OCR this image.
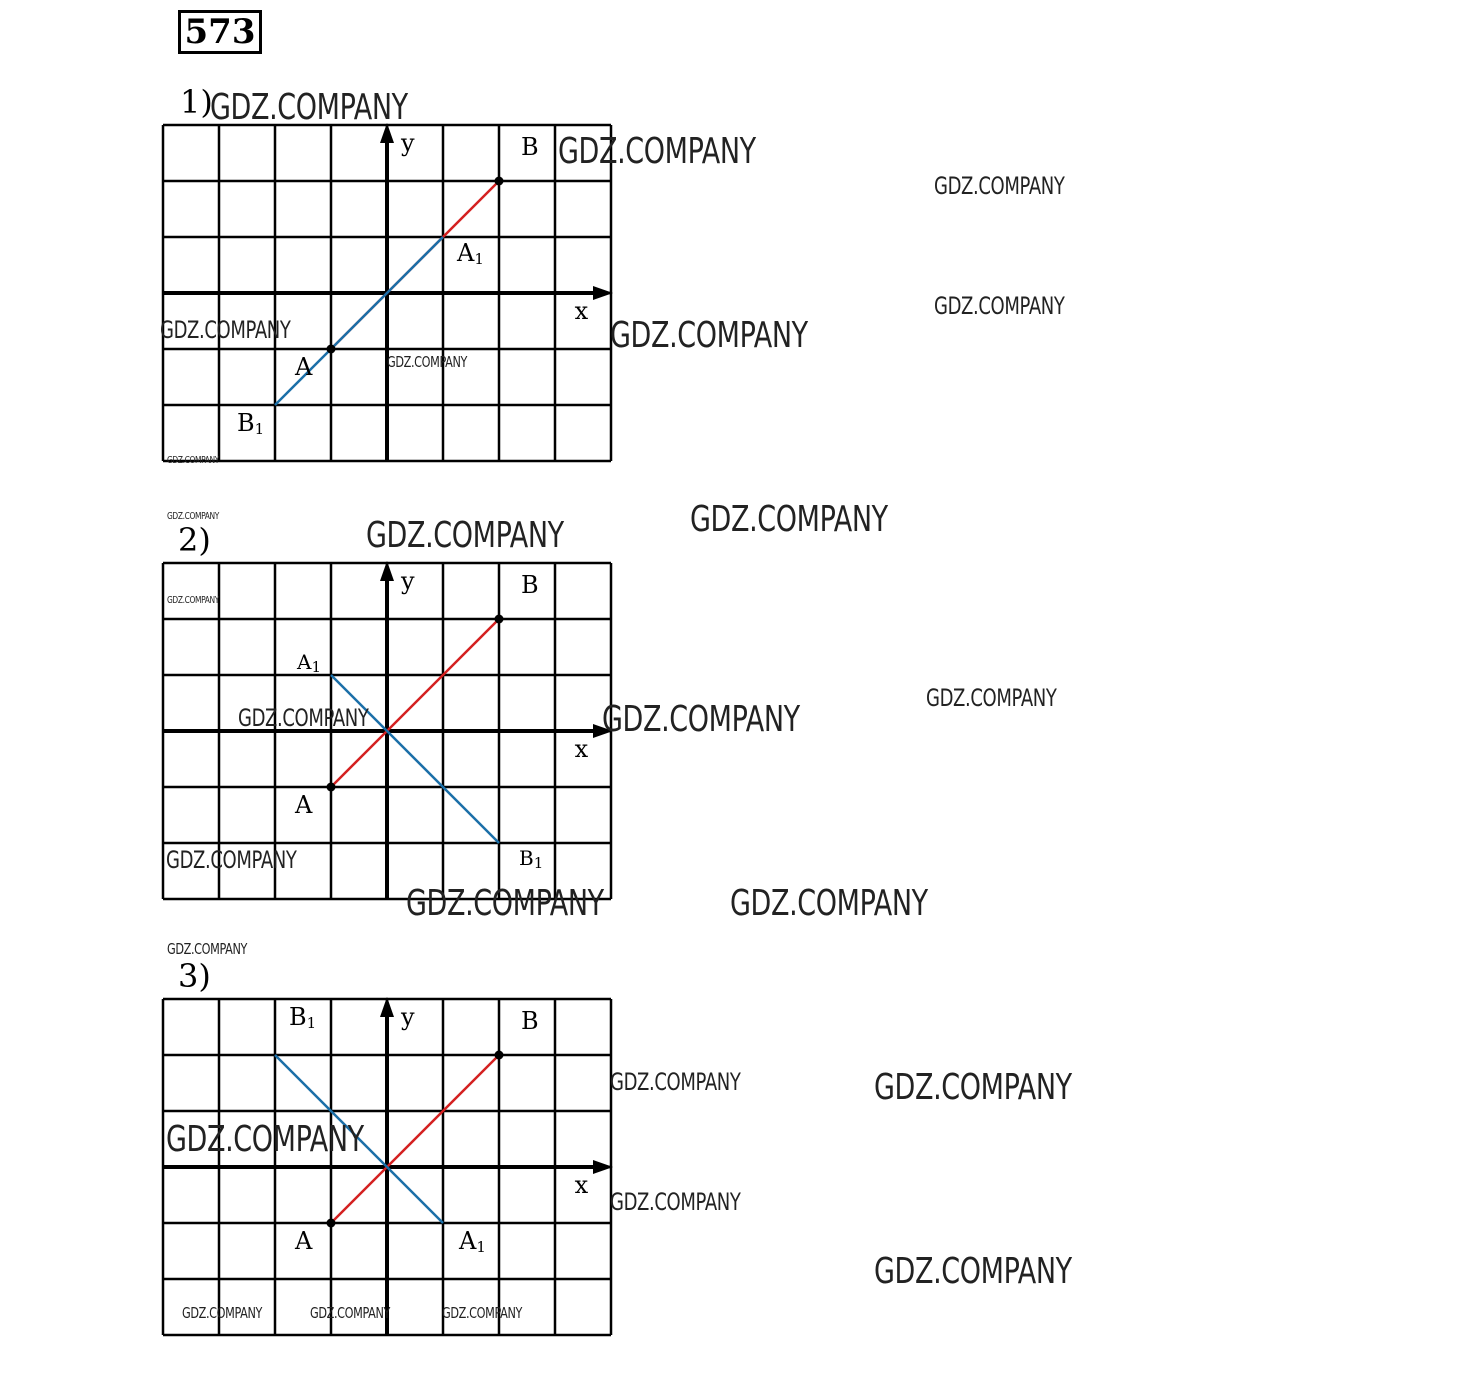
573
1)
2)
3)
x
y
A
B
A1
B1
x
y
A
B
A1
B1
x
y
A
B
A1
B1
GDZ.COMPANY
GDZ.COMPANY
GDZ.COMPANY
GDZ.COMPANY
GDZ.COMPANY	GDZ.COMPANY
GDZ.COMPANY
GDZ.COMPANY
GDZ.COMPANY	GDZ.COMPANY	GDZ.COMPANY
GDZ.COMPANY
GDZ.COMPANY	GDZ.COMPANY
GDZ.COMPANY
GDZ.COMPANY
GDZ.COMPANY	GDZ.COMPANY
GDZ.COMPANY
GDZ.COMPANY	GDZ.COMPANY
GDZ.COMPANY
GDZ.COMPANY
GDZ.COMPANY
GDZ.COMPANY	GDZ.COMPANY	GDZ.COMPANY
